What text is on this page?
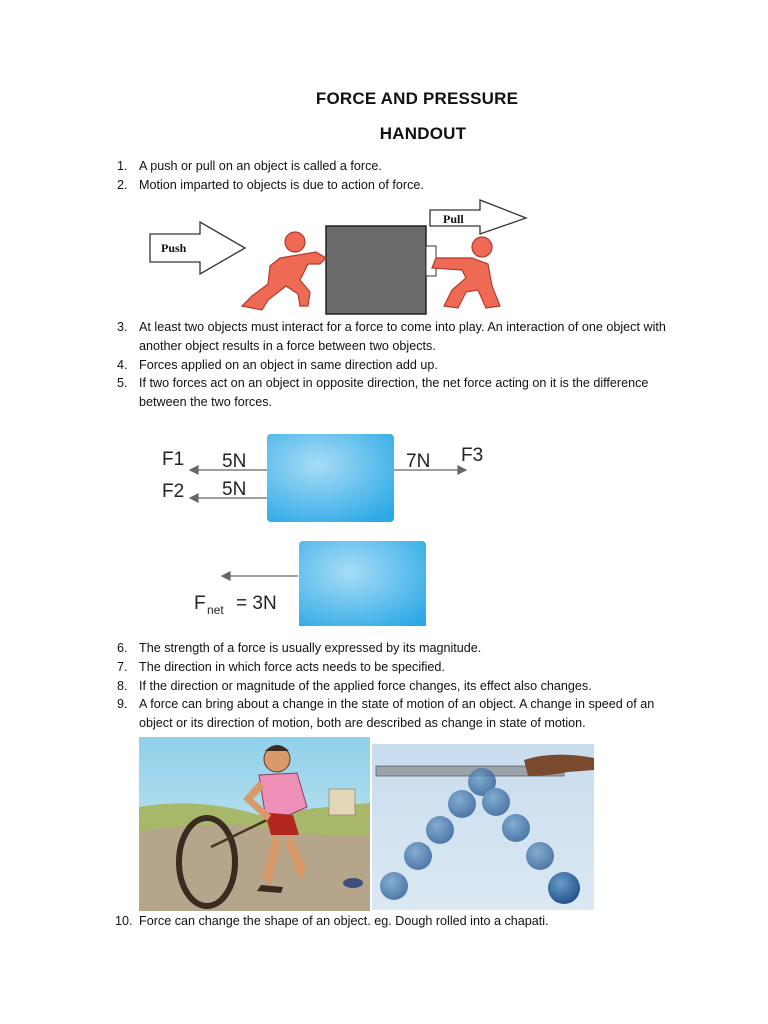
FORCE AND PRESSURE
HANDOUT
1. A push or pull on an object is called a force.
2. Motion imparted to objects is due to action of force.
Push
Pull
3. At least two objects must interact for a force to come into play. An interaction of one object with another object results in a force between two objects.
4. Forces applied on an object in same direction add up.
5. If two forces act on an object in opposite direction, the net force acting on it is the difference between the two forces.
F1 5N
F2 5N
7N F3
F net = 3N
6. The strength of a force is usually expressed by its magnitude.
7. The direction in which force acts needs to be specified.
8. If the direction or magnitude of the applied force changes, its effect also changes.
9. A force can bring about a change in the state of motion of an object. A change in speed of an object or its direction of motion, both are described as change in state of motion.
10. Force can change the shape of an object. eg. Dough rolled into a chapati.
